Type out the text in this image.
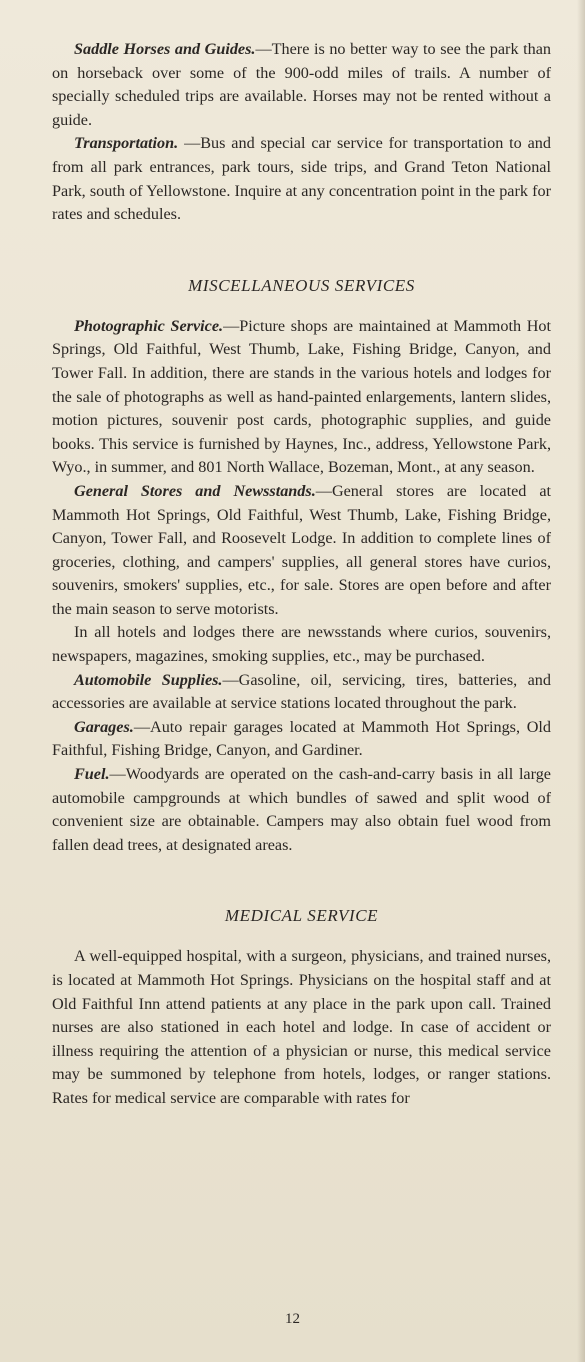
Saddle Horses and Guides.—There is no better way to see the park than on horseback over some of the 900-odd miles of trails. A number of specially scheduled trips are available. Horses may not be rented without a guide.

Transportation. —Bus and special car service for transportation to and from all park entrances, park tours, side trips, and Grand Teton National Park, south of Yellowstone. Inquire at any concentration point in the park for rates and schedules.

MISCELLANEOUS SERVICES

Photographic Service.—Picture shops are maintained at Mammoth Hot Springs, Old Faithful, West Thumb, Lake, Fishing Bridge, Canyon, and Tower Fall. In addition, there are stands in the various hotels and lodges for the sale of photographs as well as hand-painted enlargements, lantern slides, motion pictures, souvenir post cards, photographic supplies, and guide books. This service is furnished by Haynes, Inc., address, Yellowstone Park, Wyo., in summer, and 801 North Wallace, Bozeman, Mont., at any season.

General Stores and Newsstands.—General stores are located at Mammoth Hot Springs, Old Faithful, West Thumb, Lake, Fishing Bridge, Canyon, Tower Fall, and Roosevelt Lodge. In addition to complete lines of groceries, clothing, and campers' supplies, all general stores have curios, souvenirs, smokers' supplies, etc., for sale. Stores are open before and after the main season to serve motorists.

In all hotels and lodges there are newsstands where curios, souvenirs, newspapers, magazines, smoking supplies, etc., may be purchased.

Automobile Supplies.—Gasoline, oil, servicing, tires, batteries, and accessories are available at service stations located throughout the park.

Garages.—Auto repair garages located at Mammoth Hot Springs, Old Faithful, Fishing Bridge, Canyon, and Gardiner.

Fuel.—Woodyards are operated on the cash-and-carry basis in all large automobile campgrounds at which bundles of sawed and split wood of convenient size are obtainable. Campers may also obtain fuel wood from fallen dead trees, at designated areas.

MEDICAL SERVICE

A well-equipped hospital, with a surgeon, physicians, and trained nurses, is located at Mammoth Hot Springs. Physicians on the hospital staff and at Old Faithful Inn attend patients at any place in the park upon call. Trained nurses are also stationed in each hotel and lodge. In case of accident or illness requiring the attention of a physician or nurse, this medical service may be summoned by telephone from hotels, lodges, or ranger stations. Rates for medical service are comparable with rates for

12
